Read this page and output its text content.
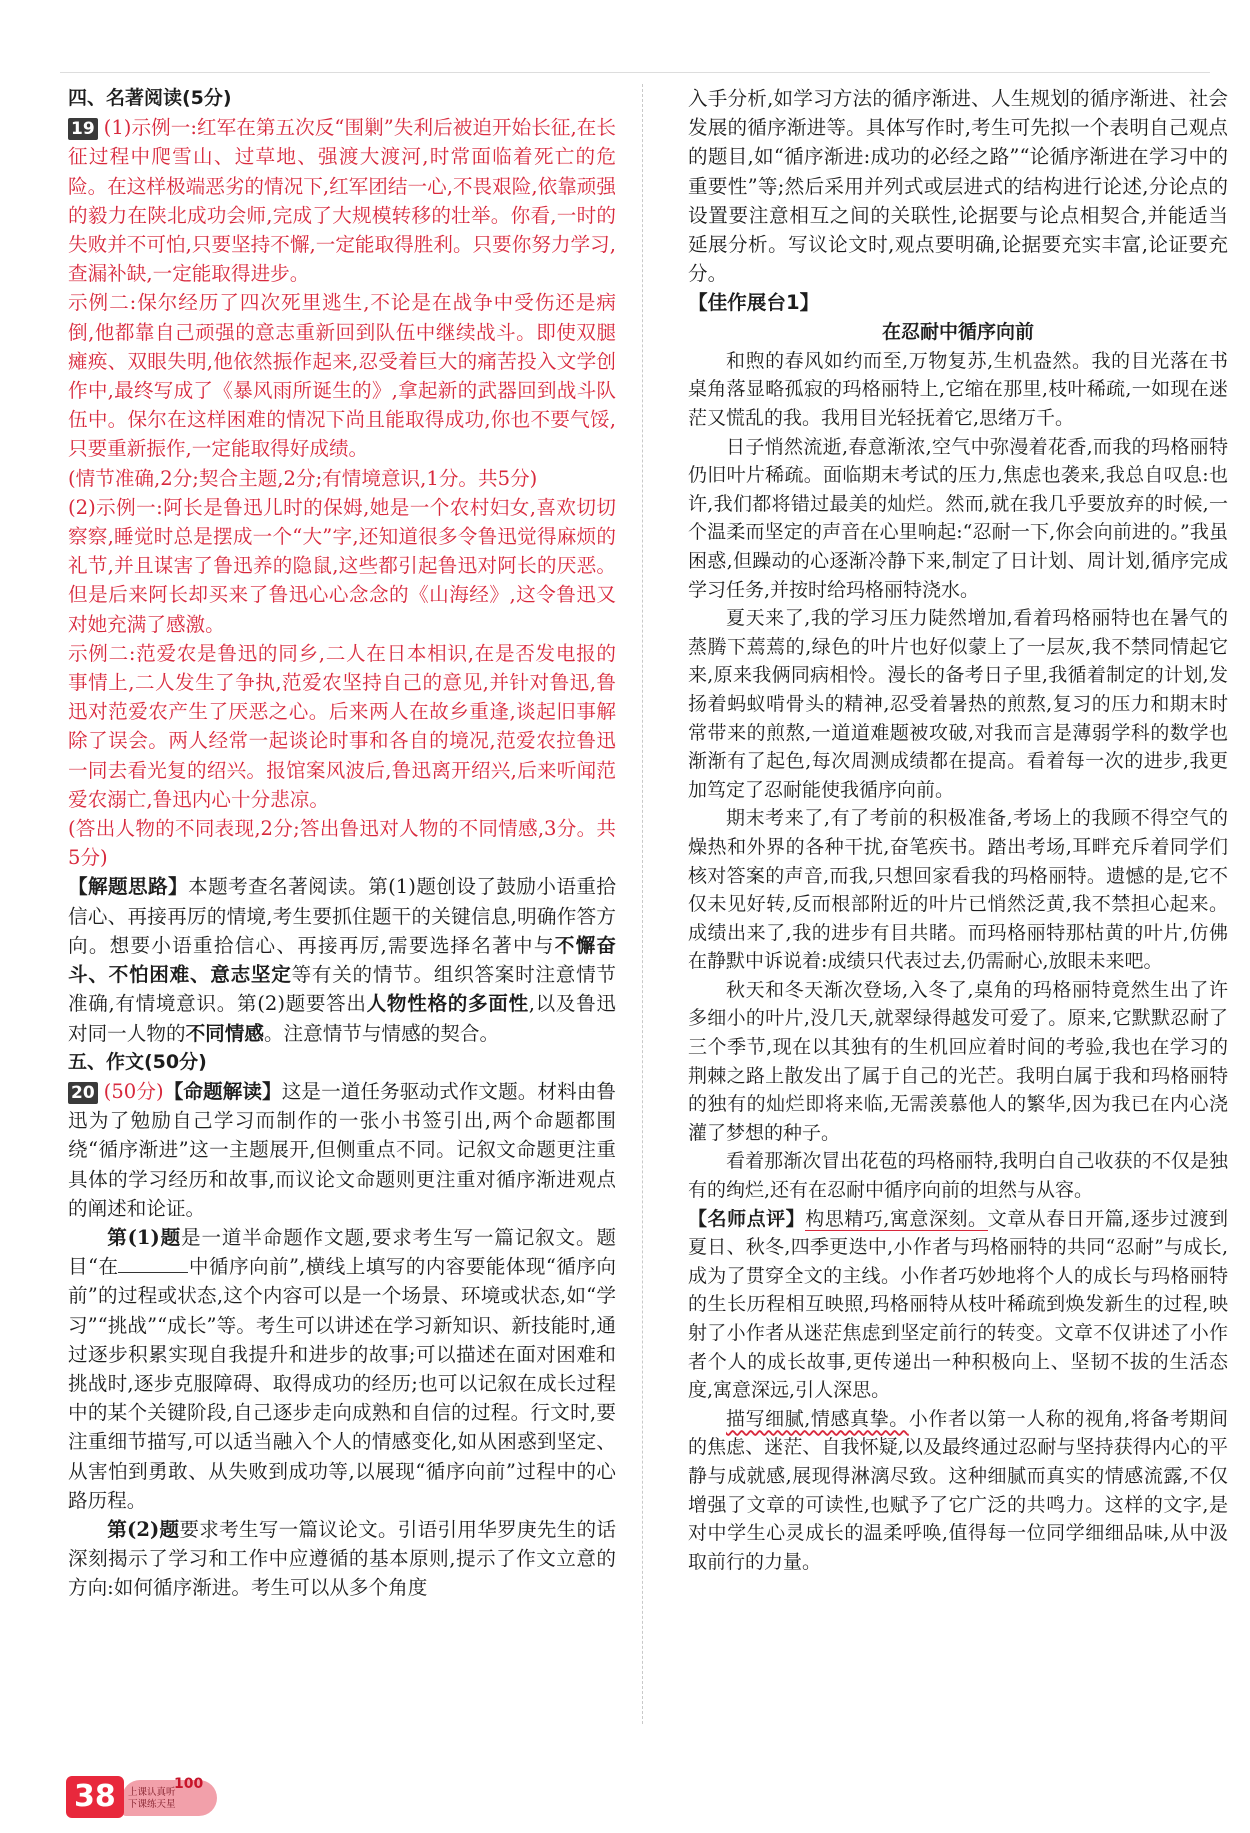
四、名著阅读(5分)

19 (1)示例一:红军在第五次反“围剿”失利后被迫开始长征,在长征过程中爬雪山、过草地、强渡大渡河,时常面临着死亡的危险。在这样极端恶劣的情况下,红军团结一心,不畏艰险,依靠顽强的毅力在陕北成功会师,完成了大规模转移的壮举。你看,一时的失败并不可怕,只要坚持不懈,一定能取得胜利。只要你努力学习,查漏补缺,一定能取得进步。

示例二:保尔经历了四次死里逃生,不论是在战争中受伤还是病倒,他都靠自己顽强的意志重新回到队伍中继续战斗。即使双腿瘫痪、双眼失明,他依然振作起来,忍受着巨大的痛苦投入文学创作中,最终写成了《暴风雨所诞生的》,拿起新的武器回到战斗队伍中。保尔在这样困难的情况下尚且能取得成功,你也不要气馁,只要重新振作,一定能取得好成绩。

(情节准确,2分;契合主题,2分;有情境意识,1分。共5分)

(2)示例一:阿长是鲁迅儿时的保姆,她是一个农村妇女,喜欢切切察察,睡觉时总是摆成一个“大”字,还知道很多令鲁迅觉得麻烦的礼节,并且谋害了鲁迅养的隐鼠,这些都引起鲁迅对阿长的厌恶。但是后来阿长却买来了鲁迅心心念念的《山海经》,这令鲁迅又对她充满了感激。

示例二:范爱农是鲁迅的同乡,二人在日本相识,在是否发电报的事情上,二人发生了争执,范爱农坚持自己的意见,并针对鲁迅,鲁迅对范爱农产生了厌恶之心。后来两人在故乡重逢,谈起旧事解除了误会。两人经常一起谈论时事和各自的境况,范爱农拉鲁迅一同去看光复的绍兴。报馆案风波后,鲁迅离开绍兴,后来听闻范爱农溺亡,鲁迅内心十分悲凉。

(答出人物的不同表现,2分;答出鲁迅对人物的不同情感,3分。共5分)

【解题思路】本题考查名著阅读。第(1)题创设了鼓励小语重拾信心、再接再厉的情境,考生要抓住题干的关键信息,明确作答方向。想要小语重拾信心、再接再厉,需要选择名著中与不懈奋斗、不怕困难、意志坚定等有关的情节。组织答案时注意情节准确,有情境意识。第(2)题要答出人物性格的多面性,以及鲁迅对同一人物的不同情感。注意情节与情感的契合。

五、作文(50分)

20 (50分)【命题解读】这是一道任务驱动式作文题。材料由鲁迅为了勉励自己学习而制作的一张小书签引出,两个命题都围绕“循序渐进”这一主题展开,但侧重点不同。记叙文命题更注重具体的学习经历和故事,而议论文命题则更注重对循序渐进观点的阐述和论证。

第(1)题是一道半命题作文题,要求考生写一篇记叙文。题目“在	中循序向前”,横线上填写的内容要能体现“循序向前”的过程或状态,这个内容可以是一个场景、环境或状态,如“学习”“挑战”“成长”等。考生可以讲述在学习新知识、新技能时,通过逐步积累实现自我提升和进步的故事;可以描述在面对困难和挑战时,逐步克服障碍、取得成功的经历;也可以记叙在成长过程中的某个关键阶段,自己逐步走向成熟和自信的过程。行文时,要注重细节描写,可以适当融入个人的情感变化,如从困惑到坚定、从害怕到勇敢、从失败到成功等,以展现“循序向前”过程中的心路历程。

第(2)题要求考生写一篇议论文。引语引用华罗庚先生的话深刻揭示了学习和工作中应遵循的基本原则,提示了作文立意的方向:如何循序渐进。考生可以从多个角度

入手分析,如学习方法的循序渐进、人生规划的循序渐进、社会发展的循序渐进等。具体写作时,考生可先拟一个表明自己观点的题目,如“循序渐进:成功的必经之路”“论循序渐进在学习中的重要性”等;然后采用并列式或层进式的结构进行论述,分论点的设置要注意相互之间的关联性,论据要与论点相契合,并能适当延展分析。写议论文时,观点要明确,论据要充实丰富,论证要充分。

【佳作展台1】

在忍耐中循序向前

和煦的春风如约而至,万物复苏,生机盎然。我的目光落在书桌角落显略孤寂的玛格丽特上,它缩在那里,枝叶稀疏,一如现在迷茫又慌乱的我。我用目光轻抚着它,思绪万千。

日子悄然流逝,春意渐浓,空气中弥漫着花香,而我的玛格丽特仍旧叶片稀疏。面临期末考试的压力,焦虑也袭来,我总自叹息:也许,我们都将错过最美的灿烂。然而,就在我几乎要放弃的时候,一个温柔而坚定的声音在心里响起:“忍耐一下,你会向前进的。”我虽困惑,但躁动的心逐渐冷静下来,制定了日计划、周计划,循序完成学习任务,并按时给玛格丽特浇水。

夏天来了,我的学习压力陡然增加,看着玛格丽特也在暑气的蒸腾下蔫蔫的,绿色的叶片也好似蒙上了一层灰,我不禁同情起它来,原来我俩同病相怜。漫长的备考日子里,我循着制定的计划,发扬着蚂蚁啃骨头的精神,忍受着暑热的煎熬,复习的压力和期末时常带来的煎熬,一道道难题被攻破,对我而言是薄弱学科的数学也渐渐有了起色,每次周测成绩都在提高。看着每一次的进步,我更加笃定了忍耐能使我循序向前。

期末考来了,有了考前的积极准备,考场上的我顾不得空气的燥热和外界的各种干扰,奋笔疾书。踏出考场,耳畔充斥着同学们核对答案的声音,而我,只想回家看我的玛格丽特。遗憾的是,它不仅未见好转,反而根部附近的叶片已悄然泛黄,我不禁担心起来。成绩出来了,我的进步有目共睹。而玛格丽特那枯黄的叶片,仿佛在静默中诉说着:成绩只代表过去,仍需耐心,放眼未来吧。

秋天和冬天渐次登场,入冬了,桌角的玛格丽特竟然生出了许多细小的叶片,没几天,就翠绿得越发可爱了。原来,它默默忍耐了三个季节,现在以其独有的生机回应着时间的考验,我也在学习的荆棘之路上散发出了属于自己的光芒。我明白属于我和玛格丽特的独有的灿烂即将来临,无需羡慕他人的繁华,因为我已在内心浇灌了梦想的种子。

看着那渐次冒出花苞的玛格丽特,我明白自己收获的不仅是独有的绚烂,还有在忍耐中循序向前的坦然与从容。

【名师点评】构思精巧,寓意深刻。文章从春日开篇,逐步过渡到夏日、秋冬,四季更迭中,小作者与玛格丽特的共同“忍耐”与成长,成为了贯穿全文的主线。小作者巧妙地将个人的成长与玛格丽特的生长历程相互映照,玛格丽特从枝叶稀疏到焕发新生的过程,映射了小作者从迷茫焦虑到坚定前行的转变。文章不仅讲述了小作者个人的成长故事,更传递出一种积极向上、坚韧不拔的生活态度,寓意深远,引人深思。

描写细腻,情感真挚。小作者以第一人称的视角,将备考期间的焦虑、迷茫、自我怀疑,以及最终通过忍耐与坚持获得内心的平静与成就感,展现得淋漓尽致。这种细腻而真实的情感流露,不仅增强了文章的可读性,也赋予了它广泛的共鸣力。这样的文字,是对中学生心灵成长的温柔呼唤,值得每一位同学细细品味,从中汲取前行的力量。

38	上课认真听
下课练天星
100
